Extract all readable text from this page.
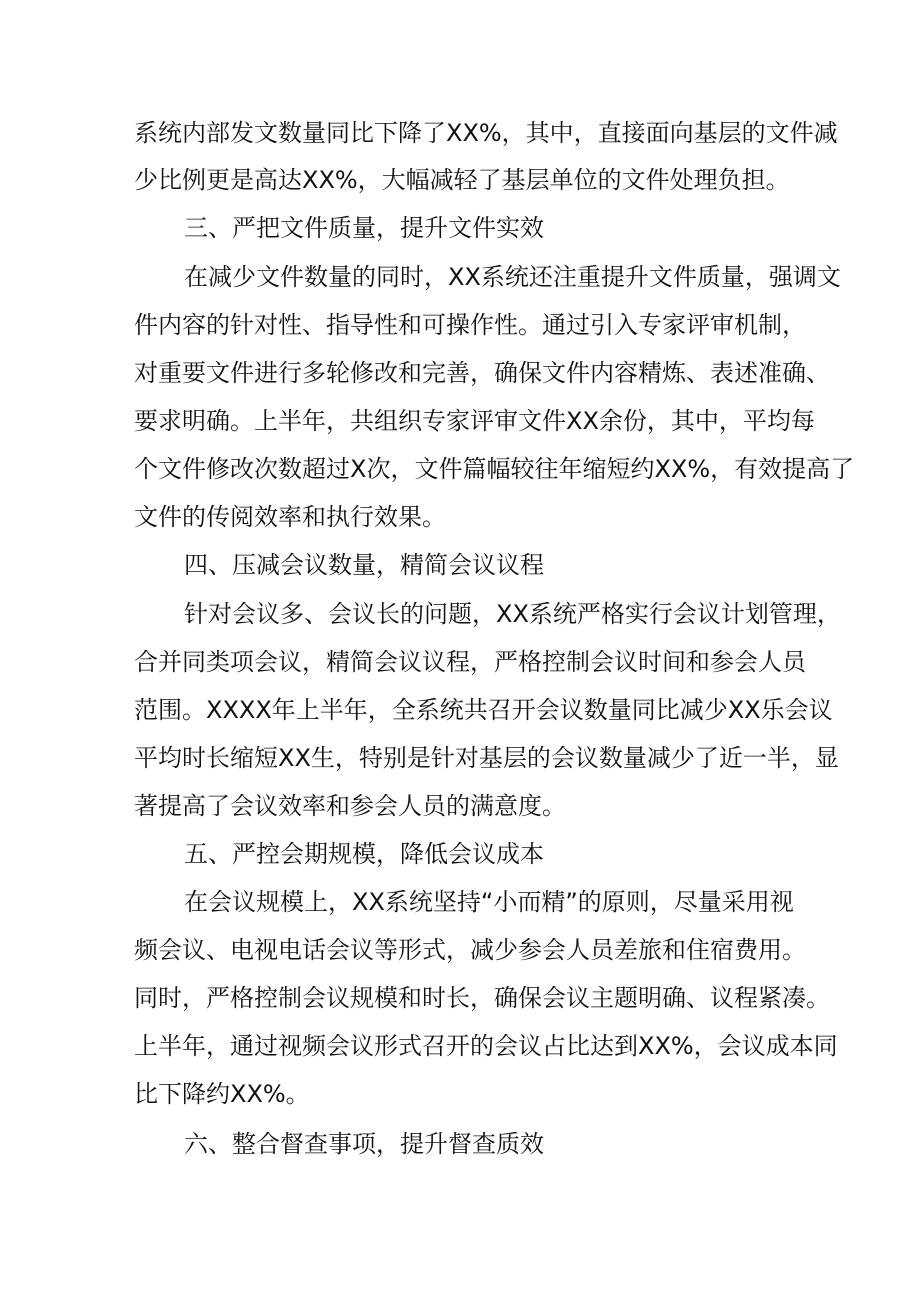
系统内部发文数量同比下降了XX%，其中，直接面向基层的文件减
少比例更是高达XX%，大幅减轻了基层单位的文件处理负担。
三、严把文件质量，提升文件实效
在减少文件数量的同时，XX系统还注重提升文件质量，强调文
件内容的针对性、指导性和可操作性。通过引入专家评审机制，
对重要文件进行多轮修改和完善，确保文件内容精炼、表述准确、
要求明确。上半年，共组织专家评审文件XX余份，其中，平均每
个文件修改次数超过X次，文件篇幅较往年缩短约XX%，有效提高了
文件的传阅效率和执行效果。
四、压减会议数量，精简会议议程
针对会议多、会议长的问题，XX系统严格实行会议计划管理，
合并同类项会议，精简会议议程，严格控制会议时间和参会人员
范围。XXXX年上半年，全系统共召开会议数量同比减少XX乐会议
平均时长缩短XX生，特别是针对基层的会议数量减少了近一半，显
著提高了会议效率和参会人员的满意度。
五、严控会期规模，降低会议成本
在会议规模上，XX系统坚持“小而精”的原则，尽量采用视
频会议、电视电话会议等形式，减少参会人员差旅和住宿费用。
同时，严格控制会议规模和时长，确保会议主题明确、议程紧凑。
上半年，通过视频会议形式召开的会议占比达到XX%，会议成本同
比下降约XX%。
六、整合督查事项，提升督查质效
